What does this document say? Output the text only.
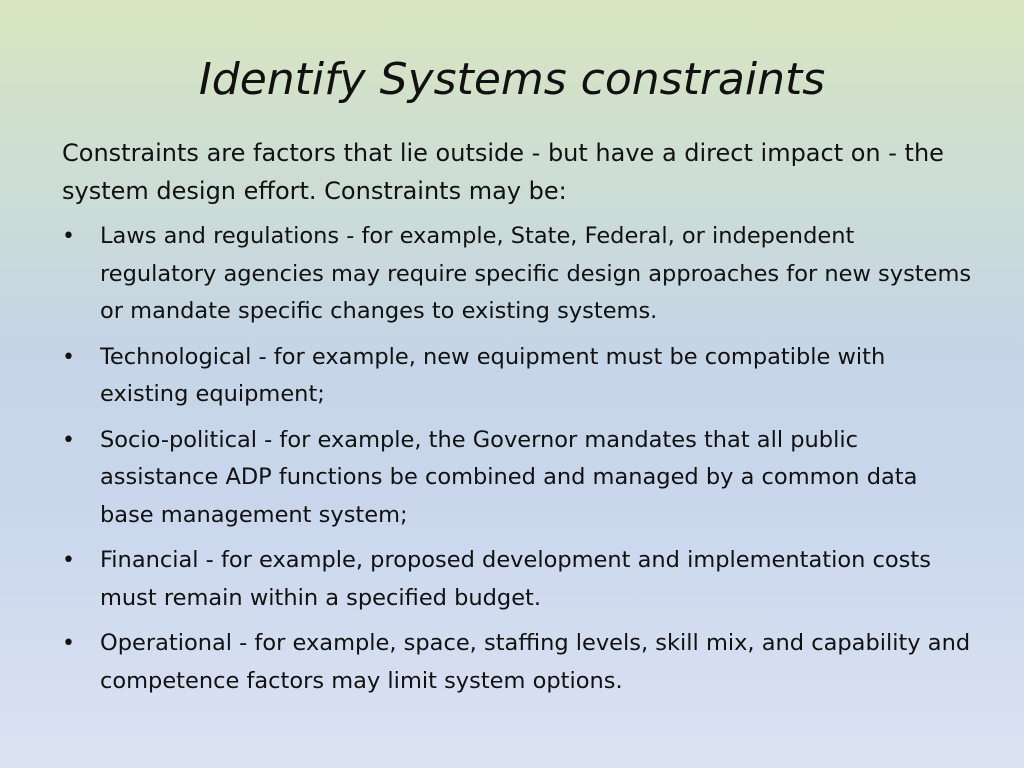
Identify Systems constraints

Constraints are factors that lie outside - but have a direct impact on - the system design effort. Constraints may be:

• Laws and regulations - for example, State, Federal, or independent regulatory agencies may require specific design approaches for new systems or mandate specific changes to existing systems.
• Technological - for example, new equipment must be compatible with existing equipment;
• Socio-political - for example, the Governor mandates that all public assistance ADP functions be combined and managed by a common data base management system;
• Financial - for example, proposed development and implementation costs must remain within a specified budget.
• Operational - for example, space, staffing levels, skill mix, and capability and competence factors may limit system options.
